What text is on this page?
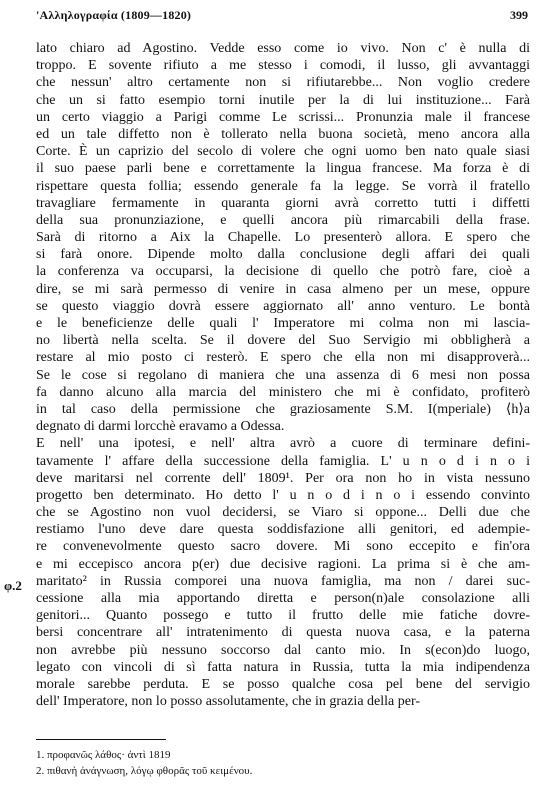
'Αλληλογραφία (1809—1820)	399
lato chiaro ad Agostino. Vedde esso come io vivo. Non c' è nulla di
troppo. E sovente rifiuto a me stesso i comodi, il lusso, gli avvantaggi
che nessun' altro certamente non si rifiutarebbe... Non voglio credere
che un si fatto esempio torni inutile per la di lui instituzione... Farà
un certo viaggio a Parigi comme Le scrissi... Pronunzia male il francese
ed un tale diffetto non è tollerato nella buona società, meno ancora alla
Corte. È un caprizio del secolo di volere che ogni uomo ben nato quale siasi
il suo paese parli bene e correttamente la lingua francese. Ma forza è di
rispettare questa follia; essendo generale fa la legge. Se vorrà il fratello
travagliare fermamente in quaranta giorni avrà corretto tutti i diffetti
della sua pronunziazione, e quelli ancora più rimarcabili della frase.
Sarà di ritorno a Aix la Chapelle. Lo presenterò allora. E spero che
si farà onore. Dipende molto dalla conclusione degli affari dei quali
la conferenza va occuparsi, la decisione di quello che potrò fare, cioè a
dire, se mi sarà permesso di venire in casa almeno per un mese, oppure
se questo viaggio dovrà essere aggiornato all' anno venturo. Le bontà
e le beneficienze delle quali l' Imperatore mi colma non mi lascia-
no libertà nella scelta. Se il dovere del Suo Servigio mi obbligherà a
restare al mio posto ci resterò. E spero che ella non mi disapproverà...
Se le cose si regolano di maniera che una assenza di 6 mesi non possa
fa danno alcuno alla marcia del ministero che mi è confidato, profiterò
in tal caso della permissione che graziosamente S.M. I(mperiale) ⟨h⟩a
degnato di darmi lorcchè eravamo a Odessa.
E nell' una ipotesi, e nell' altra avrò a cuore di terminare defini-
tavamente l' affare della successione della famiglia. L' u n o d i n o i
deve maritarsi nel corrente dell' 1809¹. Per ora non ho in vista nessuno
progetto ben determinato. Ho detto l' u n o d i n o i essendo convinto
che se Agostino non vuol decidersi, se Viaro si oppone... Delli due che
restiamo l'uno deve dare questa soddisfazione alli genitori, ed adempie-
re convenevolmente questo sacro dovere. Mi sono eccepito e fin'ora
e mi eccepisco ancora p(er) due decisive ragioni. La prima si è che am-
maritato² in Russia comporei una nuova famiglia, ma non / darei suc-
cessione alla mia apportando diretta e person(n)ale consolazione alli
genitori... Quanto possego e tutto il frutto delle mie fatiche dovre-
bersi concentrare all' intratenimento di questa nuova casa, e la paterna
non avrebbe più nessuno soccorso dal canto mio. In s(econ)do luogo,
legato con vincoli di sì fatta natura in Russia, tutta la mia indipendenza
morale sarebbe perduta. E se posso qualche cosa pel bene del servigio
dell' Imperatore, non lo posso assolutamente, che in grazia della per-
φ.2
1. προφανῶς λάθος· ἀντὶ 1819
2. πιθανὴ ἀνάγνωση, λόγῳ φθορᾶς τοῦ κειμένου.
